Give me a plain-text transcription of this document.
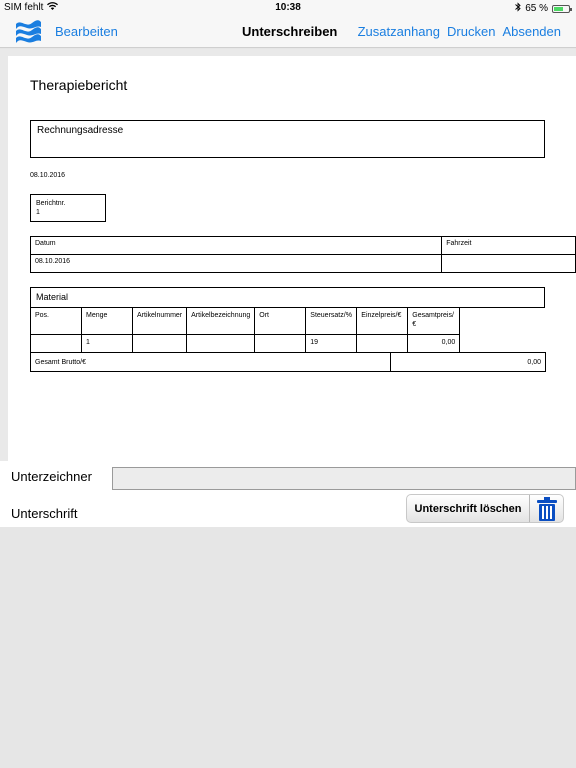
SIM fehlt	10:38	65 %
Bearbeiten	Unterschreiben Zusatzanhang Drucken Absenden
Therapiebericht
Rechnungsadresse
08.10.2016
Berichtnr.
1
Datum	Fahrzeit
08.10.2016	
Material
Pos.	Menge	Artikelnummer	Artikelbezeichnung	Ort	Steuersatz/%	Einzelpreis/€	Gesamtpreis/€
	1				19		0,00
Gesamt Brutto/€	0,00
Unterzeichner
Unterschrift	Unterschrift löschen
